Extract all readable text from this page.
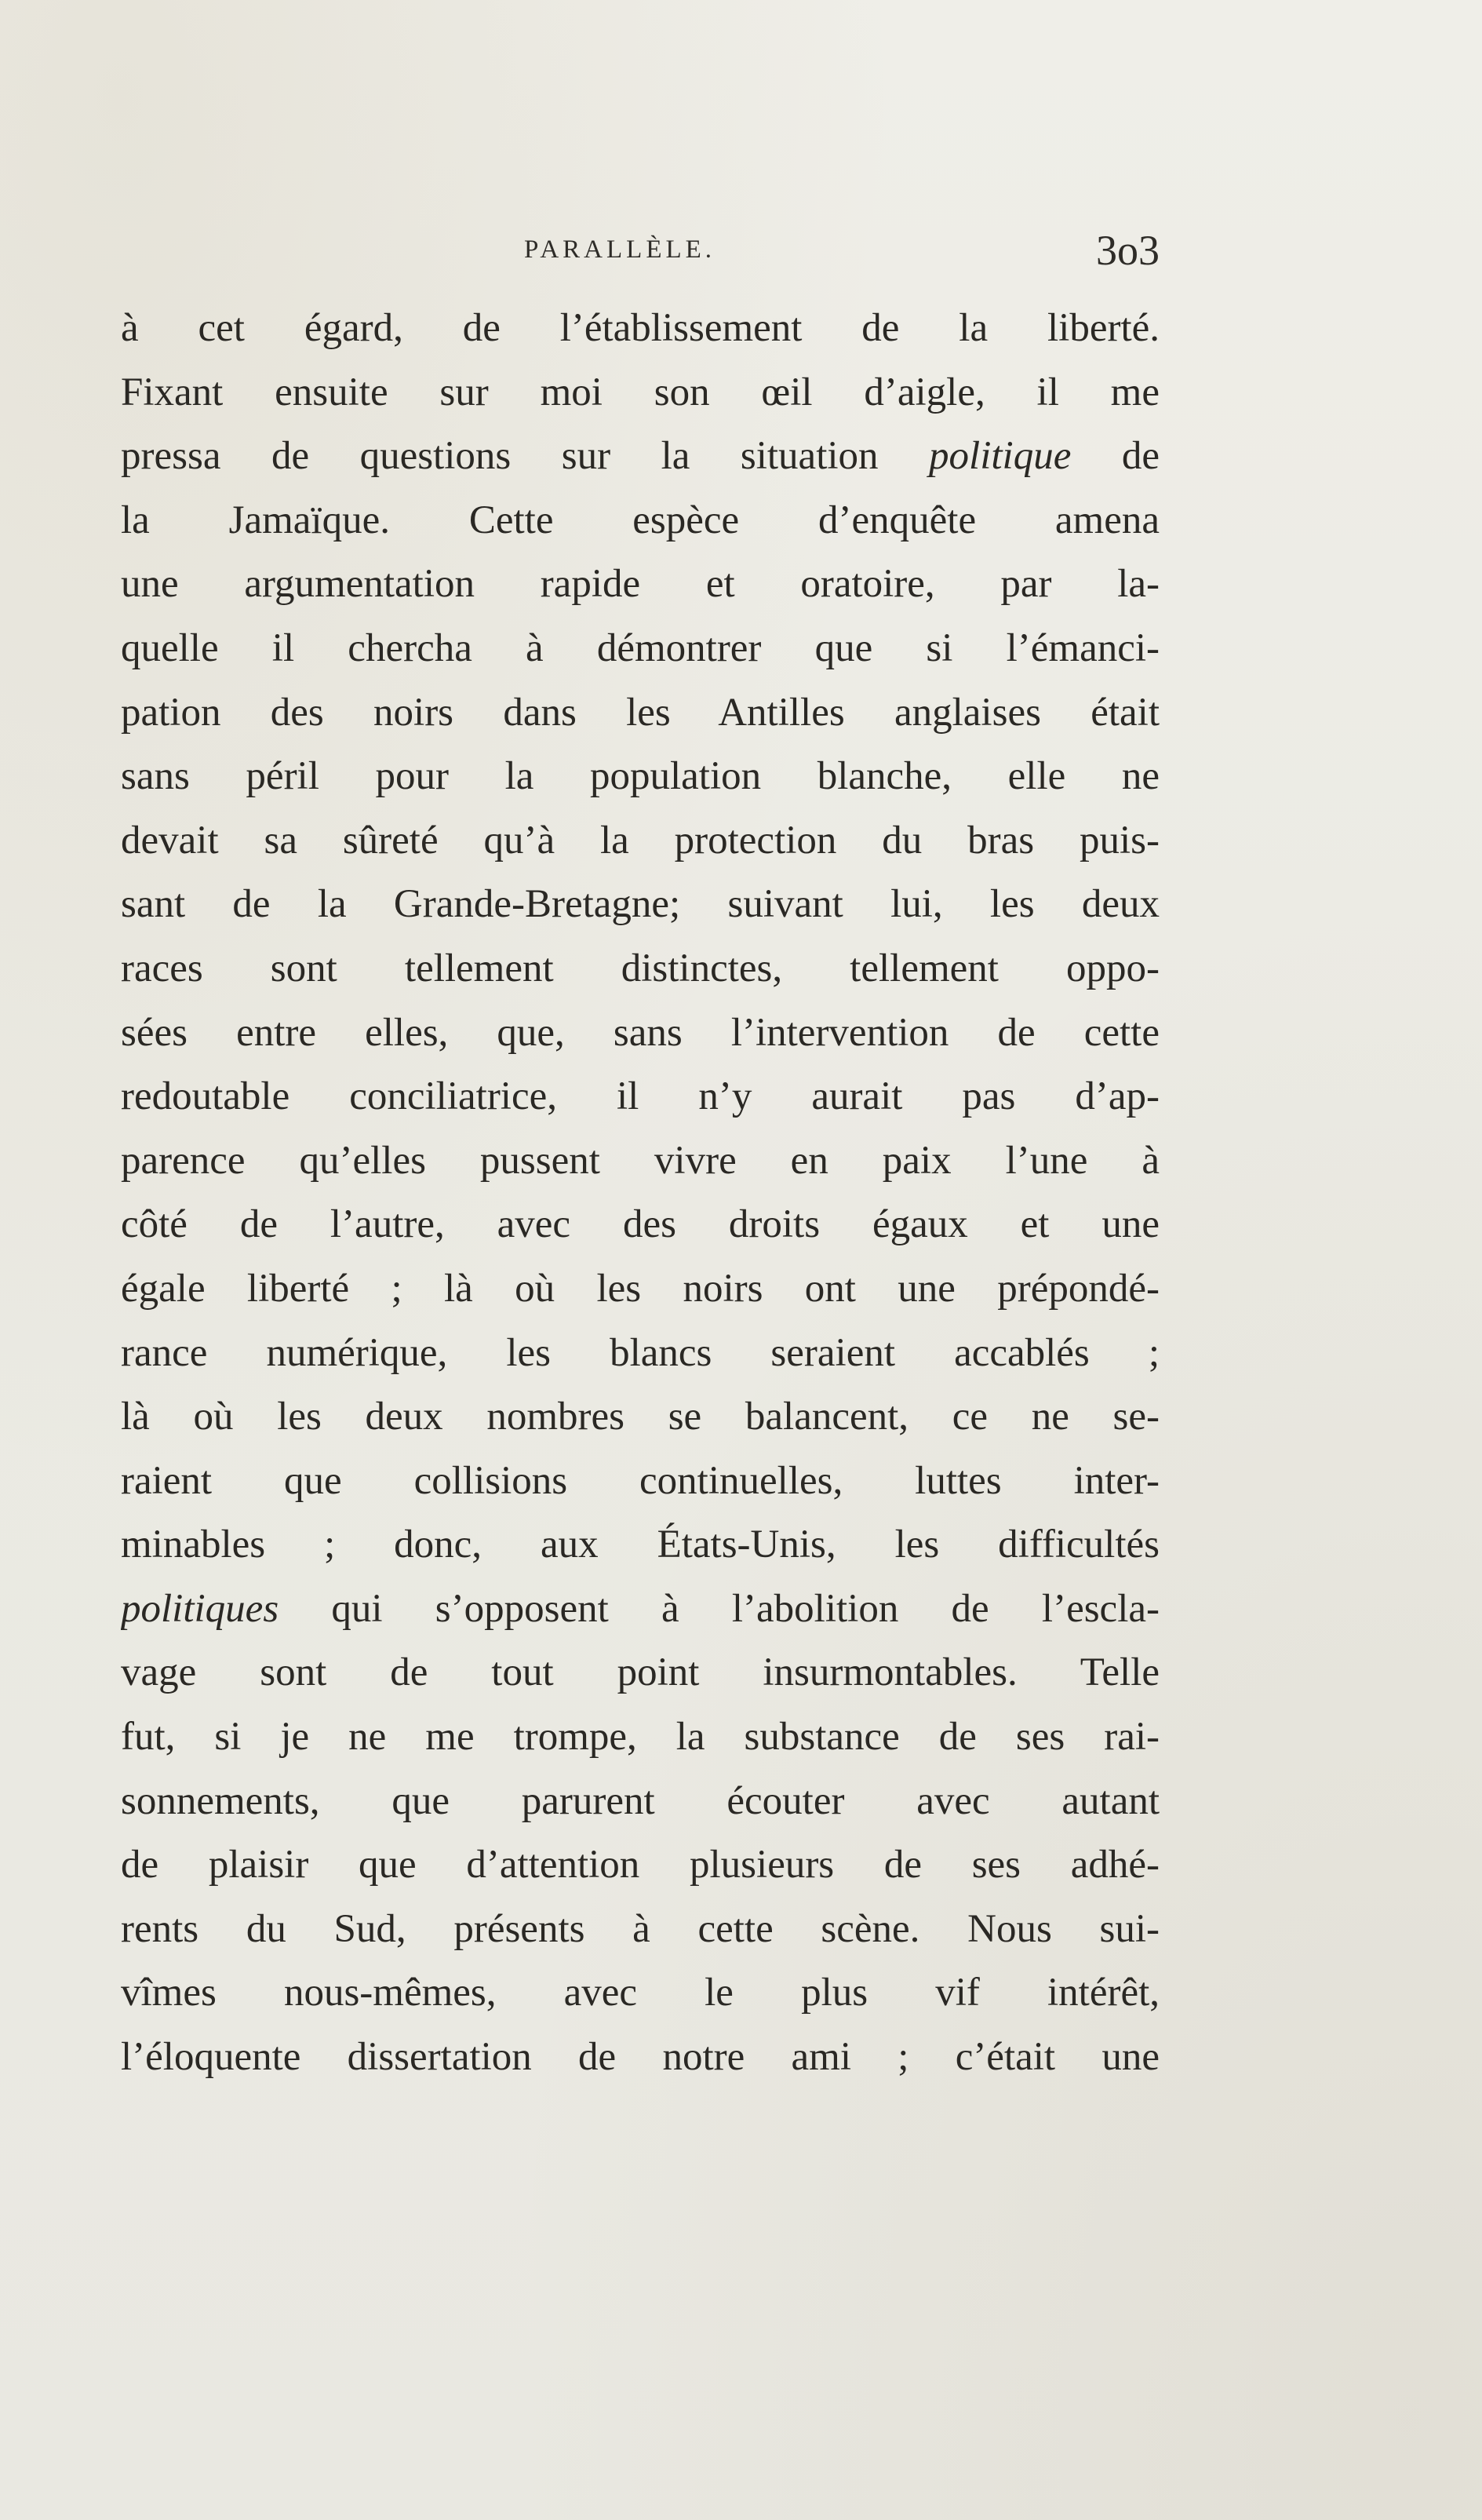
PARALLÈLE.	3o3
à cet égard, de l’établissement de la liberté.
Fixant ensuite sur moi son œil d’aigle, il me
pressa de questions sur la situation politique de
la Jamaïque. Cette espèce d’enquête amena
une argumentation rapide et oratoire, par la-
quelle il chercha à démontrer que si l’émanci-
pation des noirs dans les Antilles anglaises était
sans péril pour la population blanche, elle ne
devait sa sûreté qu’à la protection du bras puis-
sant de la Grande-Bretagne; suivant lui, les deux
races sont tellement distinctes, tellement oppo-
sées entre elles, que, sans l’intervention de cette
redoutable conciliatrice, il n’y aurait pas d’ap-
parence qu’elles pussent vivre en paix l’une à
côté de l’autre, avec des droits égaux et une
égale liberté ; là où les noirs ont une prépondé-
rance numérique, les blancs seraient accablés ;
là où les deux nombres se balancent, ce ne se-
raient que collisions continuelles, luttes inter-
minables ; donc, aux États-Unis, les difficultés
politiques qui s’opposent à l’abolition de l’escla-
vage sont de tout point insurmontables. Telle
fut, si je ne me trompe, la substance de ses rai-
sonnements, que parurent écouter avec autant
de plaisir que d’attention plusieurs de ses adhé-
rents du Sud, présents à cette scène. Nous sui-
vîmes nous-mêmes, avec le plus vif intérêt,
l’éloquente dissertation de notre ami ; c’était une
